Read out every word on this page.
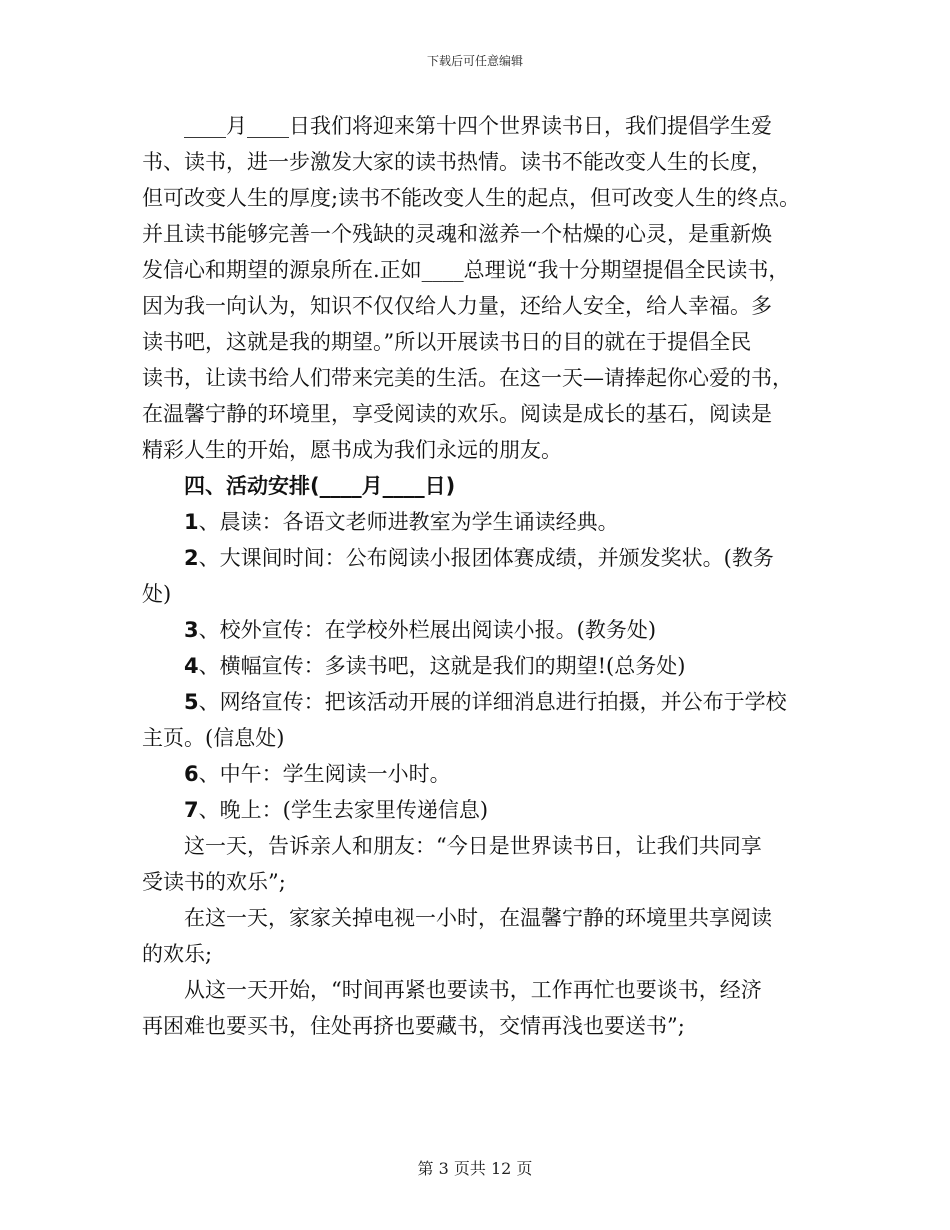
下载后可任意编辑
____月____日我们将迎来第十四个世界读书日，我们提倡学生爱
书、读书，进一步激发大家的读书热情。读书不能改变人生的长度，
但可改变人生的厚度;读书不能改变人生的起点，但可改变人生的终点。
并且读书能够完善一个残缺的灵魂和滋养一个枯燥的心灵，是重新焕
发信心和期望的源泉所在.正如____总理说“我十分期望提倡全民读书，
因为我一向认为，知识不仅仅给人力量，还给人安全，给人幸福。多
读书吧，这就是我的期望。”所以开展读书日的目的就在于提倡全民
读书，让读书给人们带来完美的生活。在这一天—请捧起你心爱的书，
在温馨宁静的环境里，享受阅读的欢乐。阅读是成长的基石，阅读是
精彩人生的开始，愿书成为我们永远的朋友。
四、活动安排(____月____日)
1、晨读：各语文老师进教室为学生诵读经典。
2、大课间时间：公布阅读小报团体赛成绩，并颁发奖状。(教务
处)
3、校外宣传：在学校外栏展出阅读小报。(教务处)
4、横幅宣传：多读书吧，这就是我们的期望!(总务处)
5、网络宣传：把该活动开展的详细消息进行拍摄，并公布于学校
主页。(信息处)
6、中午：学生阅读一小时。
7、晚上：(学生去家里传递信息)
这一天，告诉亲人和朋友：“今日是世界读书日，让我们共同享
受读书的欢乐”;
在这一天，家家关掉电视一小时，在温馨宁静的环境里共享阅读
的欢乐;
从这一天开始，“时间再紧也要读书，工作再忙也要谈书，经济
再困难也要买书，住处再挤也要藏书，交情再浅也要送书”;
第 3 页共 12 页
